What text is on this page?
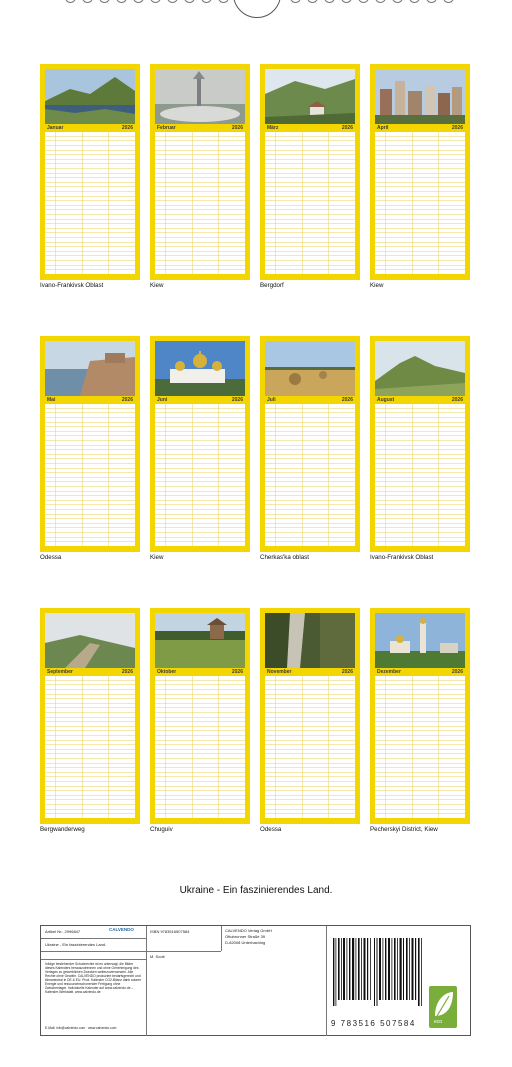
Januar	2026
Ivano-Frankivsk Oblast
Februar	2026
Kiew
März	2026
Bergdorf
April	2026
Kiew
Mai	2026
Odessa
Juni	2026
Kiew
Juli	2026
Cherkas'ka oblast
August	2026
Ivano-Frankivsk Oblast
September	2026
Bergwanderweg
Oktober	2026
Chuguiv
November	2026
Odessa
Dezember	2026
Pecherskyi District, Kiew
Ukraine - Ein faszinierendes Land.
Artikel Nr.: 2996847	CALVENDO	ISBN 9783516507584	CALVENDO Verlag GmbH
Ottobrunner Straße 39
D-82008 Unterhaching
Ukraine - Ein faszinierendes Land.
M. Scott
Infolge bestehender Schutzrechte ist es untersagt, die Bilder dieses Kalenders herauszutrennen und ohne Genehmigung des Verlages zu gewerblichen Zwecken weiterzuverwenden. Alle Rechte ohne Gewähr. CALVENDO produziert bedarfsgerecht und klimaneutral in DE & EU. Prod. Kalender CO2-Bilanz dank solarer Energie und ressourcenschonender Fertigung ohne Zwischenlager. Individuelle Kalender auf www.calvendo.de – Kalender-Werkstatt. www.calvendo.de
E-Mail: info@calvendo.com · www.calvendo.com	9 783516 507584	eco
